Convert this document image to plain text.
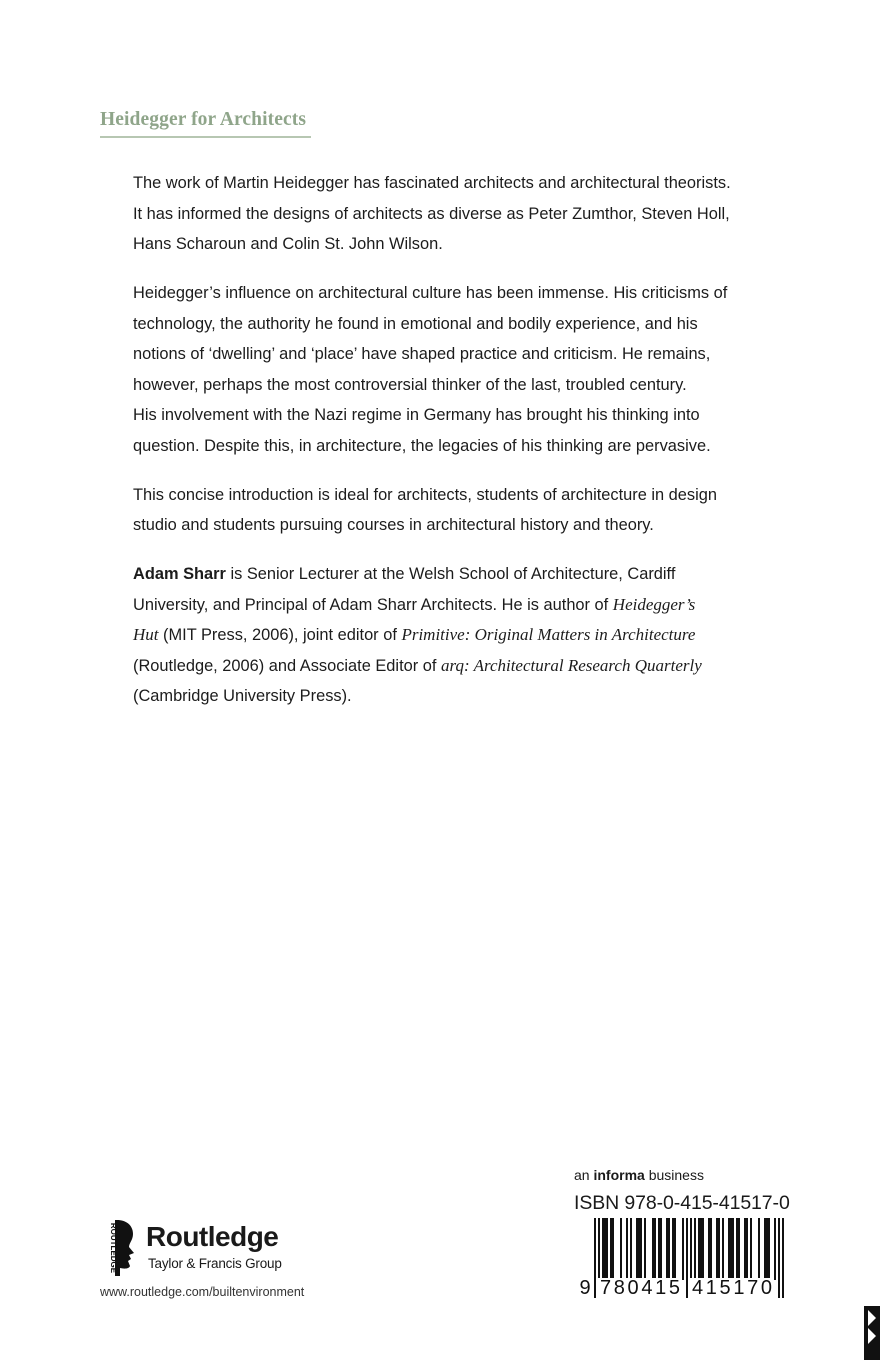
Heidegger for Architects
The work of Martin Heidegger has fascinated architects and architectural theorists.
It has informed the designs of architects as diverse as Peter Zumthor, Steven Holl,
Hans Scharoun and Colin St. John Wilson.
Heidegger’s influence on architectural culture has been immense. His criticisms of
technology, the authority he found in emotional and bodily experience, and his
notions of ‘dwelling’ and ‘place’ have shaped practice and criticism. He remains,
however, perhaps the most controversial thinker of the last, troubled century.
His involvement with the Nazi regime in Germany has brought his thinking into
question. Despite this, in architecture, the legacies of his thinking are pervasive.
This concise introduction is ideal for architects, students of architecture in design
studio and students pursuing courses in architectural history and theory.
Adam Sharr is Senior Lecturer at the Welsh School of Architecture, Cardiff
University, and Principal of Adam Sharr Architects. He is author of Heidegger’s
Hut (MIT Press, 2006), joint editor of Primitive: Original Matters in Architecture
(Routledge, 2006) and Associate Editor of arq: Architectural Research Quarterly
(Cambridge University Press).
ROUTLEDGE Routledge
Taylor & Francis Group
www.routledge.com/builtenvironment
an informa business
ISBN 978-0-415-41517-0
9 780415 415170
